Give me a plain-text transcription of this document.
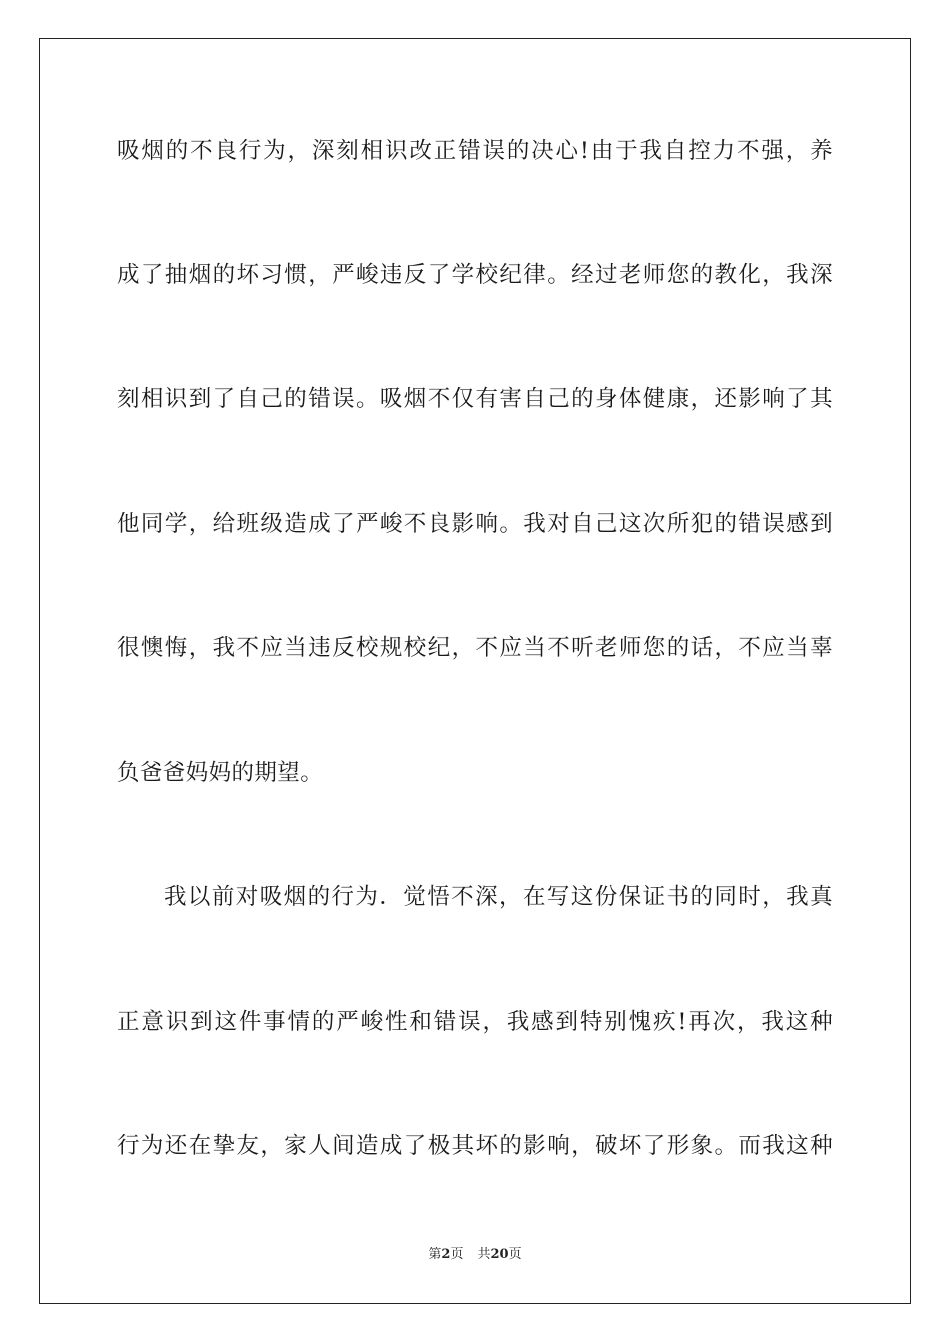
吸烟的不良行为，深刻相识改正错误的决心!由于我自控力不强，养
成了抽烟的坏习惯，严峻违反了学校纪律。经过老师您的教化，我深
刻相识到了自己的错误。吸烟不仅有害自己的身体健康，还影响了其
他同学，给班级造成了严峻不良影响。我对自己这次所犯的错误感到
很懊悔，我不应当违反校规校纪，不应当不听老师您的话，不应当辜
负爸爸妈妈的期望。
我以前对吸烟的行为．觉悟不深，在写这份保证书的同时，我真
正意识到这件事情的严峻性和错误，我感到特别愧疚!再次，我这种
行为还在挚友，家人间造成了极其坏的影响，破坏了形象。而我这种
第2页 共20页
